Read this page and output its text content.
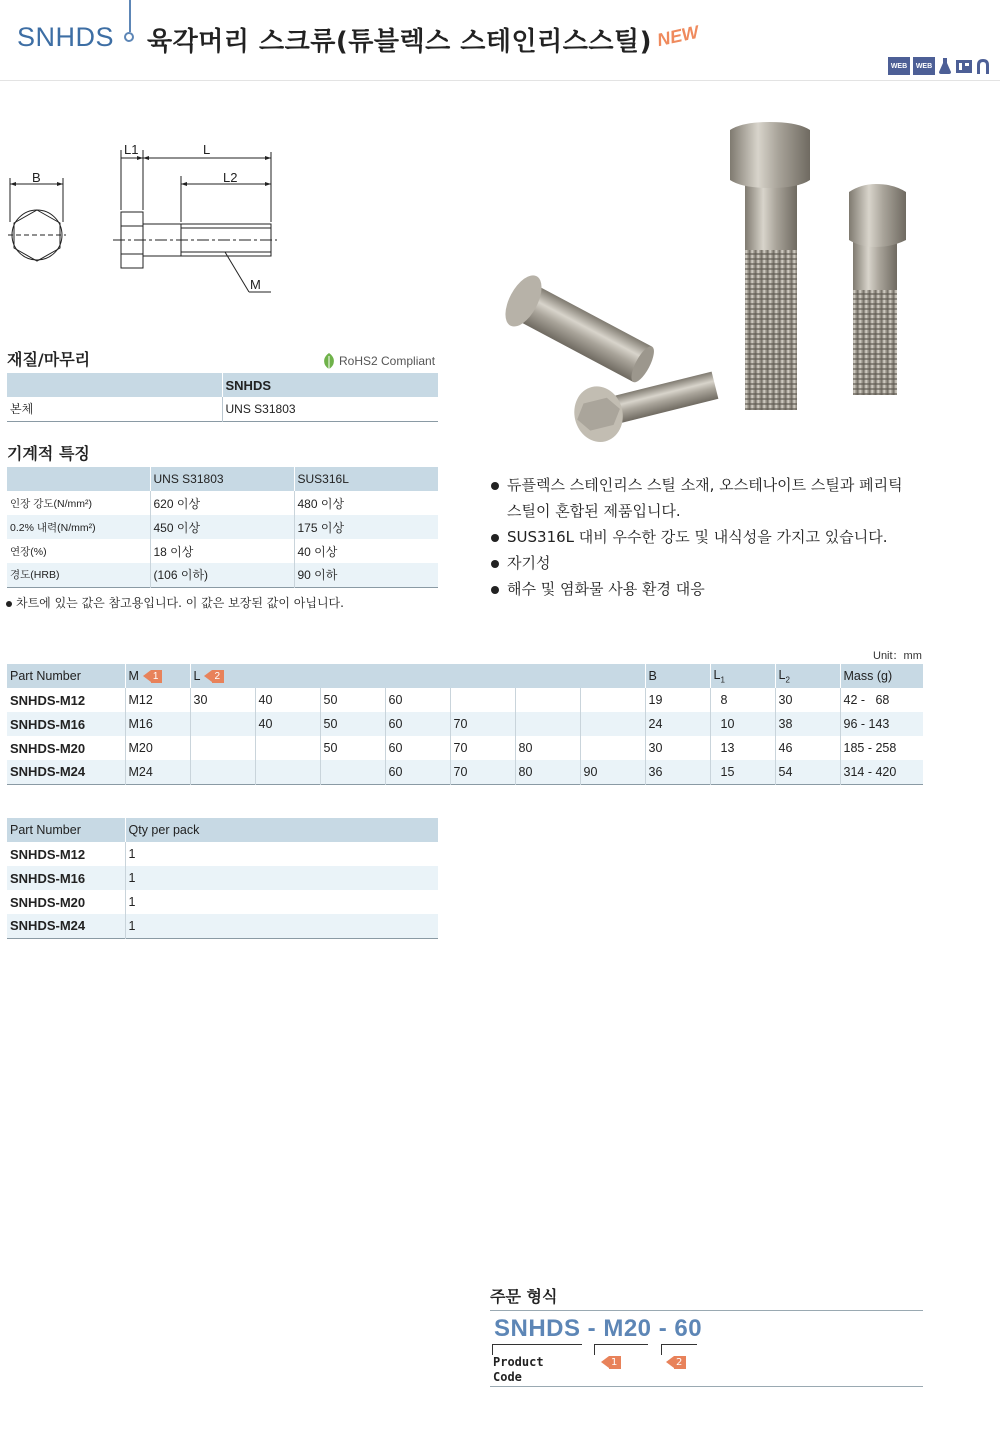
SNHDS 육각머리 스크류(튜블렉스 스테인리스스틸) NEW
WEB	WEB
B
L1	L
L2
M
재질/마무리	RoHS2 Compliant
	SNHDS
본체	UNS S31803
기계적 특징
	UNS S31803	SUS316L
인장 강도(N/mm²)	620 이상	480 이상
0.2% 내력(N/mm²)	450 이상	175 이상
연장(%)	18 이상	40 이상
경도(HRB)	(106 이하)	90 이하
차트에 있는 값은 참고용입니다. 이 값은 보장된 값이 아닙니다.
듀플렉스 스테인리스 스틸 소재, 오스테나이트 스틸과 페리틱 스틸이 혼합된 제품입니다.
SUS316L 대비 우수한 강도 및 내식성을 가지고 있습니다.
자기성
해수 및 염화물 사용 환경 대응
Unit：mm
Part Number	M 1	L 2							B	$L_1$	$L_2$	Mass (g)
SNHDS-M12	M12	30	40	50	60				19	8	30	42 -   68
SNHDS-M16	M16		40	50	60	70			24	10	38	96 - 143
SNHDS-M20	M20			50	60	70	80		30	13	46	185 - 258
SNHDS-M24	M24				60	70	80	90	36	15	54	314 - 420
Part Number	Qty per pack
SNHDS-M12	1
SNHDS-M16	1
SNHDS-M20	1
SNHDS-M24	1
주문 형식
SNHDS - M20 - 60
Product
Code
1	2
